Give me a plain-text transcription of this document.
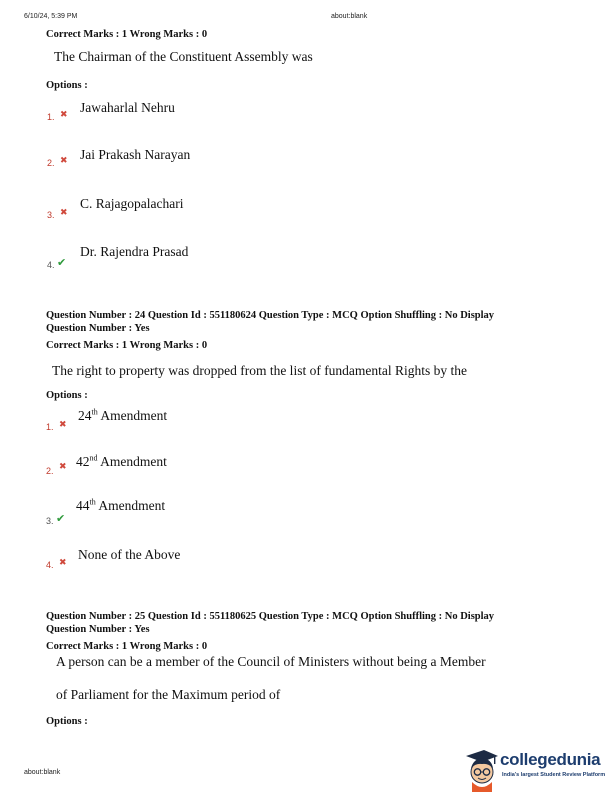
6/10/24, 5:39 PM	about:blank
Correct Marks : 1 Wrong Marks : 0
The Chairman of the Constituent Assembly was
Options :
1. ✖ Jawaharlal Nehru
2. ✖ Jai Prakash Narayan
3. ✖
C. Rajagopalachari
4. ✔
Dr. Rajendra Prasad
Question Number : 24 Question Id : 551180624 Question Type : MCQ Option Shuffling : No Display
Question Number : Yes
Correct Marks : 1 Wrong Marks : 0
The right to property was dropped from the list of fundamental Rights by the
Options :
1. ✖
24th Amendment
2. ✖ 42nd Amendment
3. ✔
44th Amendment
4. ✖
None of the Above
Question Number : 25 Question Id : 551180625 Question Type : MCQ Option Shuffling : No Display
Question Number : Yes
Correct Marks : 1 Wrong Marks : 0
A person can be a member of the Council of Ministers without being a Member
of Parliament for the Maximum period of
Options :
about:blank
collegedunia
India's largest Student Review Platform
